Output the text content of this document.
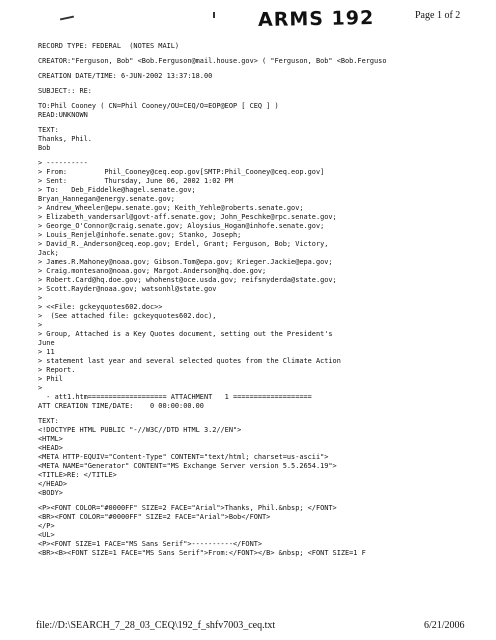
ARMS 192	Page 1 of 2
RECORD TYPE: FEDERAL  (NOTES MAIL)
CREATOR:"Ferguson, Bob" <Bob.Ferguson@mail.house.gov> ( "Ferguson, Bob" <Bob.Ferguso
CREATION DATE/TIME: 6-JUN-2002 13:37:18.00
SUBJECT:: RE:
TO:Phil Cooney ( CN=Phil Cooney/OU=CEQ/O=EOP@EOP [ CEQ ] )
READ:UNKNOWN
TEXT:
Thanks, Phil.
Bob
> ----------
> From:         Phil_Cooney@ceq.eop.gov[SMTP:Phil_Cooney@ceq.eop.gov]
> Sent:         Thursday, June 06, 2002 1:02 PM
> To:   Deb_Fiddelke@hagel.senate.gov;
Bryan_Hannegan@energy.senate.gov;
> Andrew_Wheeler@epw.senate.gov; Keith_Yehle@roberts.senate.gov;
> Elizabeth_vandersarl@govt-aff.senate.gov; John_Peschke@rpc.senate.gov;
> George_O'Connor@craig.senate.gov; Aloysius_Hogan@inhofe.senate.gov;
> Louis_Renjel@inhofe.senate.gov; Stanko, Joseph;
> David_R._Anderson@ceq.eop.gov; Erdel, Grant; Ferguson, Bob; Victory,
Jack;
> James.R.Mahoney@noaa.gov; Gibson.Tom@epa.gov; Krieger.Jackie@epa.gov;
> Craig.montesano@noaa.gov; Margot.Anderson@hq.doe.gov;
> Robert.Card@hq.doe.gov; whohenst@oce.usda.gov; reifsnyderda@state.gov;
> Scott.Rayder@noaa.gov; watsonhl@state.gov
>
> <<File: gckeyquotes602.doc>>
>  (See attached file: gckeyquotes602.doc),
>
> Group, Attached is a Key Quotes document, setting out the President's
June
> 11
> statement last year and several selected quotes from the Climate Action
> Report.
> Phil
>
- att1.htm=================== ATTACHMENT   1 ===================
ATT CREATION TIME/DATE:    0 00:00:00.00
TEXT:
<!DOCTYPE HTML PUBLIC "-//W3C//DTD HTML 3.2//EN">
<HTML>
<HEAD>
<META HTTP-EQUIV="Content-Type" CONTENT="text/html; charset=us-ascii">
<META NAME="Generator" CONTENT="MS Exchange Server version 5.5.2654.19">
<TITLE>RE: </TITLE>
</HEAD>
<BODY>
<P><FONT COLOR="#0000FF" SIZE=2 FACE="Arial">Thanks, Phil.&nbsp; </FONT>
<BR><FONT COLOR="#0000FF" SIZE=2 FACE="Arial">Bob</FONT>
</P>
<UL>
<P><FONT SIZE=1 FACE="MS Sans Serif">----------</FONT>
<BR><B><FONT SIZE=1 FACE="MS Sans Serif">From:</FONT></B> &nbsp; <FONT SIZE=1 F
file://D:\SEARCH_7_28_03_CEQ\192_f_shfv7003_ceq.txt	6/21/2006
